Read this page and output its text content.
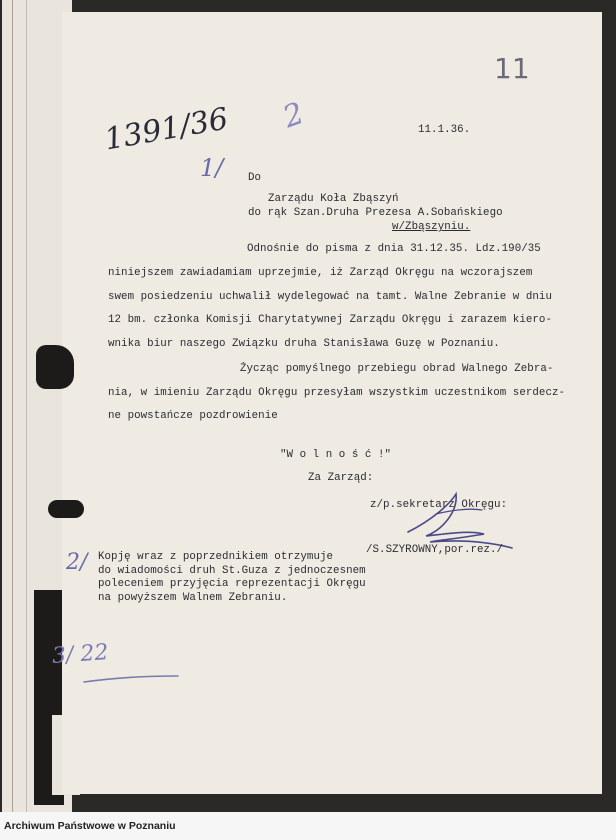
1391/36
11
2
1/
11.1.36.
Do
Zarządu Koła Zbąszyń
do rąk Szan.Druha Prezesa A.Sobańskiego
w/Zbąszyniu.
Odnośnie do pisma z dnia 31.12.35. Ldz.190/35
niniejszem zawiadamiam uprzejmie, iż Zarząd Okręgu na wczorajszem
swem posiedzeniu uchwalił wydelegować na tamt. Walne Zebranie w dniu
12 bm. członka Komisji Charytatywnej Zarządu Okręgu i zarazem kiero-
wnika biur naszego Związku druha Stanisława Guzę w Poznaniu.
Życząc pomyślnego przebiegu obrad Walnego Zebra-
nia, w imieniu Zarządu Okręgu przesyłam wszystkim uczestnikom serdecz-
ne powstańcze pozdrowienie
"W o l n o ś ć !"
Za Zarząd:
z/p.sekretarz Okręgu:
/S.SZYROWNY,por.rez./
2/ Kopję wraz z poprzednikiem otrzymuje
do wiadomości druh St.Guza z jednoczesnem
poleceniem przyjęcia reprezentacji Okręgu
na powyższem Walnem Zebraniu.
3/ 22
Archiwum Państwowe w Poznaniu
